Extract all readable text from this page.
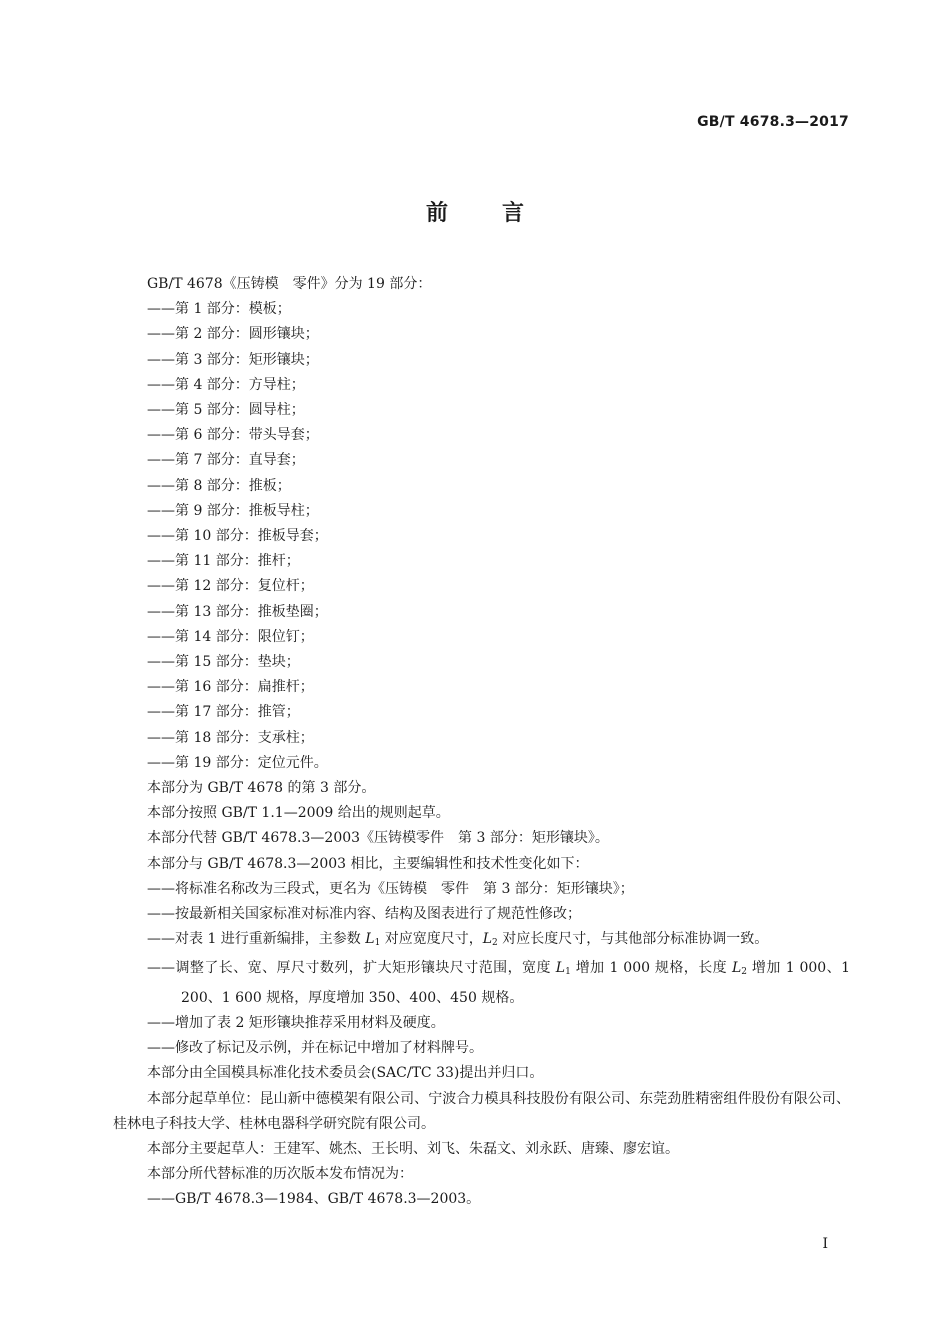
GB/T 4678.3—2017
前 言

GB/T 4678《压铸模　零件》分为 19 部分：

——第 1 部分：模板；

——第 2 部分：圆形镶块；

——第 3 部分：矩形镶块；

——第 4 部分：方导柱；

——第 5 部分：圆导柱；

——第 6 部分：带头导套；

——第 7 部分：直导套；

——第 8 部分：推板；

——第 9 部分：推板导柱；

——第 10 部分：推板导套；

——第 11 部分：推杆；

——第 12 部分：复位杆；

——第 13 部分：推板垫圈；

——第 14 部分：限位钉；

——第 15 部分：垫块；

——第 16 部分：扁推杆；

——第 17 部分：推管；

——第 18 部分：支承柱；

——第 19 部分：定位元件。

本部分为 GB/T 4678 的第 3 部分。

本部分按照 GB/T 1.1—2009 给出的规则起草。

本部分代替 GB/T 4678.3—2003《压铸模零件　第 3 部分：矩形镶块》。

本部分与 GB/T 4678.3—2003 相比，主要编辑性和技术性变化如下：

——将标准名称改为三段式，更名为《压铸模　零件　第 3 部分：矩形镶块》；

——按最新相关国家标准对标准内容、结构及图表进行了规范性修改；

——对表 1 进行重新编排，主参数 $L_1$ 对应宽度尺寸，$L_2$ 对应长度尺寸，与其他部分标准协调一致。

——调整了长、宽、厚尺寸数列，扩大矩形镶块尺寸范围，宽度 $L_1$ 增加 1 000 规格，长度 $L_2$ 增加 1 000、1 200、1 600 规格，厚度增加 350、400、450 规格。

——增加了表 2 矩形镶块推荐采用材料及硬度。

——修改了标记及示例，并在标记中增加了材料牌号。

本部分由全国模具标准化技术委员会(SAC/TC 33)提出并归口。

本部分起草单位：昆山新中德模架有限公司、宁波合力模具科技股份有限公司、东莞劲胜精密组件股份有限公司、桂林电子科技大学、桂林电器科学研究院有限公司。

本部分主要起草人：王建军、姚杰、王长明、刘飞、朱磊文、刘永跃、唐臻、廖宏谊。

本部分所代替标准的历次版本发布情况为：

——GB/T 4678.3—1984、GB/T 4678.3—2003。

I
